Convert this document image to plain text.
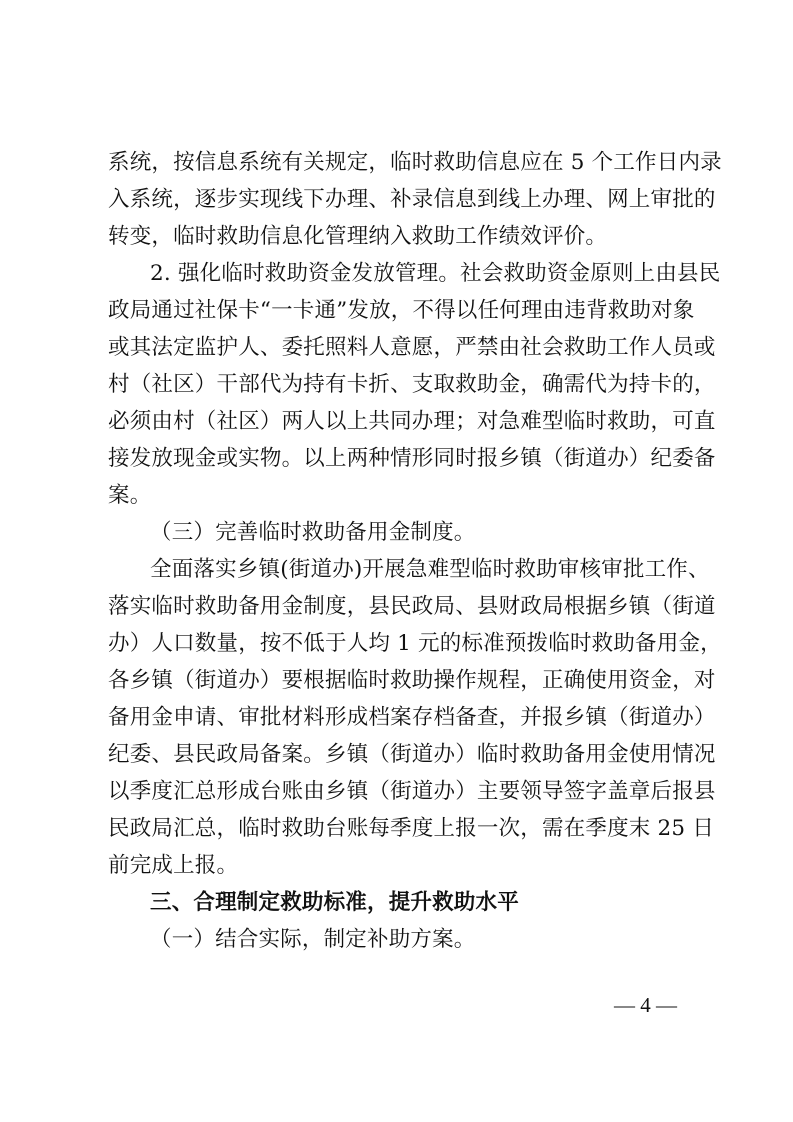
系统，按信息系统有关规定，临时救助信息应在 5 个工作日内录
入系统，逐步实现线下办理、补录信息到线上办理、网上审批的
转变，临时救助信息化管理纳入救助工作绩效评价。
2. 强化临时救助资金发放管理。社会救助资金原则上由县民
政局通过社保卡“一卡通”发放，不得以任何理由违背救助对象
或其法定监护人、委托照料人意愿，严禁由社会救助工作人员或
村（社区）干部代为持有卡折、支取救助金，确需代为持卡的，
必须由村（社区）两人以上共同办理；对急难型临时救助，可直
接发放现金或实物。以上两种情形同时报乡镇（街道办）纪委备
案。
（三）完善临时救助备用金制度。
全面落实乡镇(街道办)开展急难型临时救助审核审批工作、
落实临时救助备用金制度，县民政局、县财政局根据乡镇（街道
办）人口数量，按不低于人均 1 元的标准预拨临时救助备用金，
各乡镇（街道办）要根据临时救助操作规程，正确使用资金，对
备用金申请、审批材料形成档案存档备查，并报乡镇（街道办）
纪委、县民政局备案。乡镇（街道办）临时救助备用金使用情况
以季度汇总形成台账由乡镇（街道办）主要领导签字盖章后报县
民政局汇总，临时救助台账每季度上报一次，需在季度末 25 日
前完成上报。
三、合理制定救助标准，提升救助水平
（一）结合实际，制定补助方案。
— 4 —
